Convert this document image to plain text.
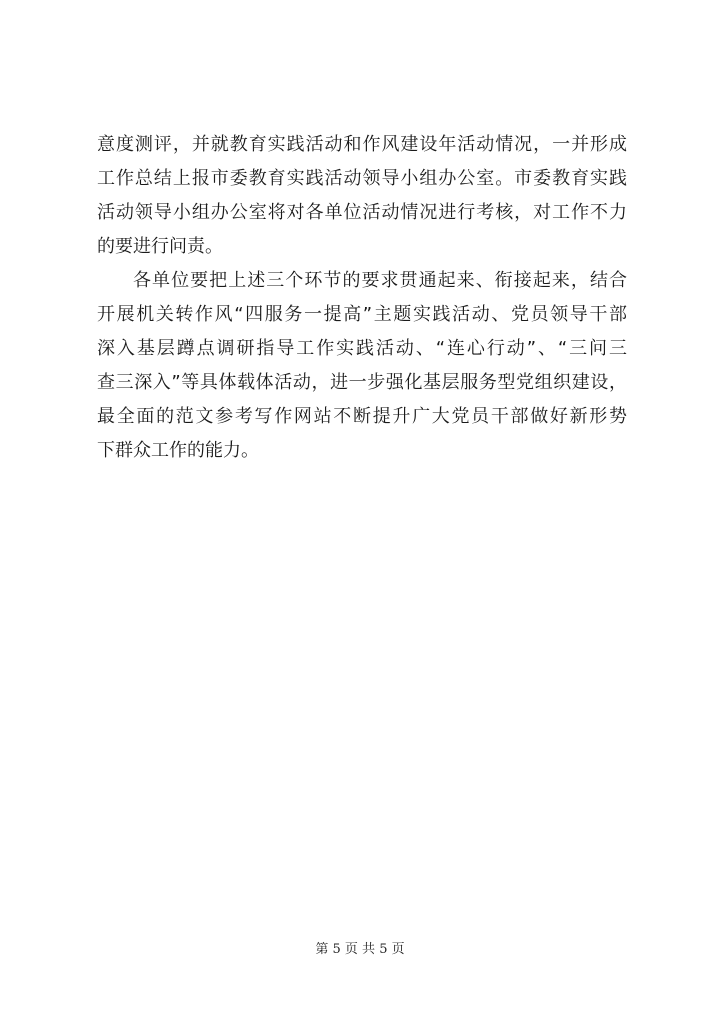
意度测评，并就教育实践活动和作风建设年活动情况，一并形成
工作总结上报市委教育实践活动领导小组办公室。市委教育实践
活动领导小组办公室将对各单位活动情况进行考核，对工作不力
的要进行问责。
各单位要把上述三个环节的要求贯通起来、衔接起来，结合
开展机关转作风“四服务一提高”主题实践活动、党员领导干部
深入基层蹲点调研指导工作实践活动、“连心行动”、“三问三
查三深入”等具体载体活动，进一步强化基层服务型党组织建设，
最全面的范文参考写作网站不断提升广大党员干部做好新形势
下群众工作的能力。
第 5 页 共 5 页
